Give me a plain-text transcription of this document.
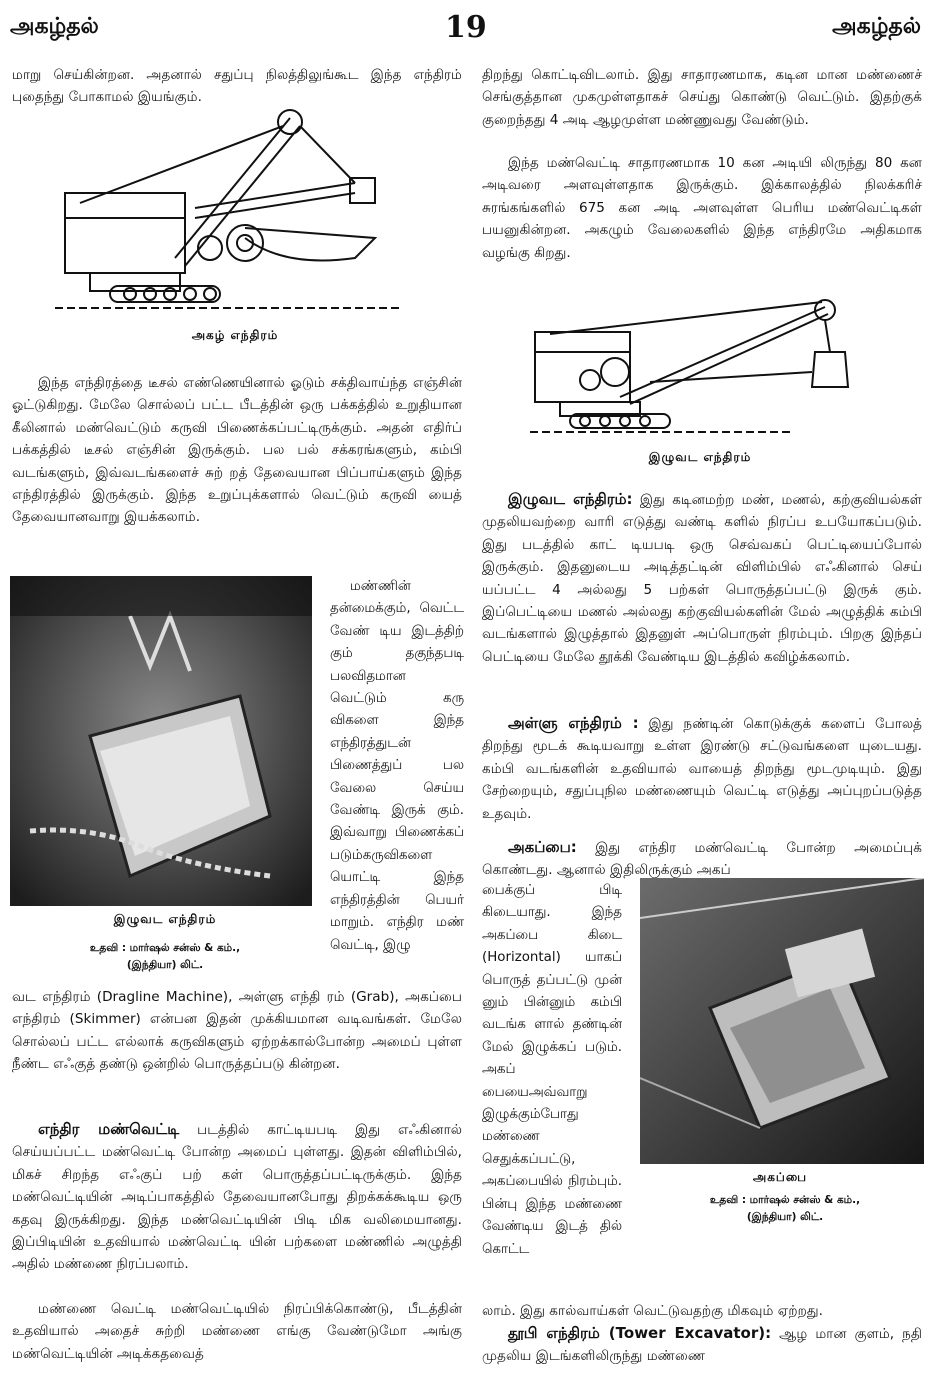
அகழ்தல்	19	அகழ்தல்

மாறு செய்கின்றன. அதனால் சதுப்பு நிலத்திலுங்கூட இந்த எந்திரம் புதைந்து போகாமல் இயங்கும்.

அகழ் எந்திரம்

இந்த எந்திரத்தை டீசல் எண்ணெயினால் ஓடும் சக்திவாய்ந்த எஞ்சின் ஓட்டுகிறது. மேலே சொல்லப் பட்ட பீடத்தின் ஒரு பக்கத்தில் உறுதியான கீலினால் மண்வெட்டும் கருவி பிணைக்கப்பட்டிருக்கும். அதன் எதிர்ப் பக்கத்தில் டீசல் எஞ்சின் இருக்கும். பல பல் சக்கரங்களும், கம்பி வடங்களும், இவ்வடங்களைச் சுற் றத் தேவையான பிப்பாய்களும் இந்த எந்திரத்தில் இருக்கும். இந்த உறுப்புக்களால் வெட்டும் கருவி யைத் தேவையானவாறு இயக்கலாம்.

மண்ணின் தன்மைக்கும், வெட்ட வேண் டிய இடத்திற் கும் தகுந்தபடி பலவிதமான வெட்டும் கரு விகளை இந்த எந்திரத்துடன் பிணைத்துப் பல வேலை செய்ய வேண்டி இருக் கும். இவ்வாறு பிணைக்கப் படும்கருவிகளை யொட்டி இந்த எந்திரத்தின் பெயர் மாறும். எந்திர மண் வெட்டி, இழு

இழுவட எந்திரம்
உதவி : மார்ஷல் சன்ஸ் & கம்.,
(இந்தியா) லிட்.

வட எந்திரம் (Dragline Machine), அள்ளு எந்தி ரம் (Grab), அகப்பை எந்திரம் (Skimmer) என்பன இதன் முக்கியமான வடிவங்கள். மேலே சொல்லப் பட்ட எல்லாக் கருவிகளும் ஏற்றக்கால்போன்ற அமைப் புள்ள நீண்ட எஃகுத் தண்டு ஒன்றில் பொருத்தப்படு கின்றன.

எந்திர மண்வெட்டி படத்தில் காட்டியபடி இது எஃகினால் செய்யப்பட்ட மண்வெட்டி போன்ற அமைப் புள்ளது. இதன் விளிம்பில், மிகச் சிறந்த எஃகுப் பற் கள் பொருத்தப்பட்டிருக்கும். இந்த மண்வெட்டியின் அடிப்பாகத்தில் தேவையானபோது திறக்கக்கூடிய ஒரு கதவு இருக்கிறது. இந்த மண்வெட்டியின் பிடி மிக வலிமையானது. இப்பிடியின் உதவியால் மண்வெட்டி யின் பற்களை மண்ணில் அழுத்தி அதில் மண்ணை நிரப்பலாம்.

மண்ணை வெட்டி மண்வெட்டியில் நிரப்பிக்கொண்டு, பீடத்தின் உதவியால் அதைச் சுற்றி மண்ணை எங்கு வேண்டுமோ அங்கு மண்வெட்டியின் அடிக்கதவைத்

திறந்து கொட்டிவிடலாம். இது சாதாரணமாக, கடின மான மண்ணைச் செங்குத்தான முகமுள்ளதாகச் செய்து கொண்டு வெட்டும். இதற்குக் குறைந்தது 4 அடி ஆழமுள்ள மண்ணுவது வேண்டும்.

இந்த மண்வெட்டி சாதாரணமாக 10 கன அடியி லிருந்து 80 கன அடிவரை அளவுள்ளதாக இருக்கும். இக்காலத்தில் நிலக்கரிச் சுரங்கங்களில் 675 கன அடி அளவுள்ள பெரிய மண்வெட்டிகள் பயனுகின்றன. அகழும் வேலைகளில் இந்த எந்திரமே அதிகமாக வழங்கு கிறது.

இழுவட எந்திரம்

இழுவட எந்திரம்: இது கடினமற்ற மண், மணல், கற்குவியல்கள் முதலியவற்றை வாரி எடுத்து வண்டி களில் நிரப்ப உபயோகப்படும். இது படத்தில் காட் டியபடி ஒரு செவ்வகப் பெட்டியைப்போல் இருக்கும். இதனுடைய அடித்தட்டின் விளிம்பில் எஃகினால் செய் யப்பட்ட 4 அல்லது 5 பற்கள் பொருத்தப்பட்டு இருக் கும். இப்பெட்டியை மணல் அல்லது கற்குவியல்களின் மேல் அழுத்திக் கம்பி வடங்களால் இழுத்தால் இதனுள் அப்பொருள் நிரம்பும். பிறகு இந்தப் பெட்டியை மேலே தூக்கி வேண்டிய இடத்தில் கவிழ்க்கலாம்.

அள்ளு எந்திரம் : இது நண்டின் கொடுக்குக் களைப் போலத் திறந்து மூடக் கூடியவாறு உள்ள இரண்டு சட்டுவங்களை யுடையது. கம்பி வடங்களின் உதவியால் வாயைத் திறந்து மூடமுடியும். இது சேற்றையும், சதுப்புநில மண்ணையும் வெட்டி எடுத்து அப்புறப்படுத்த உதவும்.

அகப்பை: இது எந்திர மண்வெட்டி போன்ற அமைப்புக் கொண்டது. ஆனால் இதிலிருக்கும் அகப்

பைக்குப் பிடி கிடையாது. இந்த அகப்பை கிடை (Horizontal) யாகப் பொருத் தப்பட்டு முன் னும் பின்னும் கம்பி வடங்க ளால் தண்டின் மேல் இழுக்கப் படும். அகப் பையைஅவ்வாறு இழுக்கும்போது மண்ணை செதுக்கப்பட்டு, அகப்பையில் நிரம்பும். பின்பு இந்த மண்ணை வேண்டிய இடத் தில் கொட்ட

அகப்பை
உதவி : மார்ஷல் சன்ஸ் & கம்.,
(இந்தியா) லிட்.

லாம். இது கால்வாய்கள் வெட்டுவதற்கு மிகவும் ஏற்றது.

தூபி எந்திரம் (Tower Excavator): ஆழ மான குளம், நதி முதலிய இடங்களிலிருந்து மண்ணை
